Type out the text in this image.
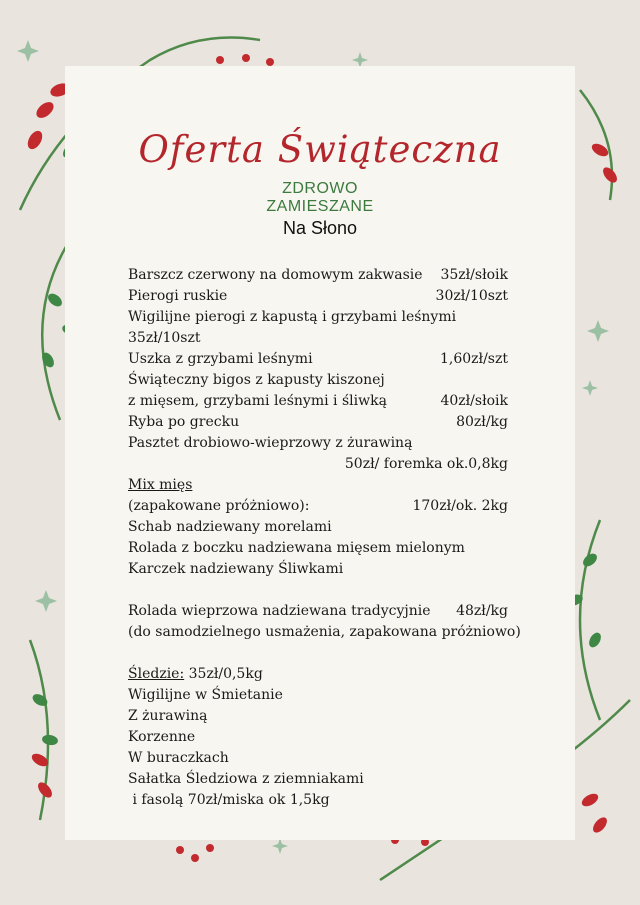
Oferta Świąteczna
ZDROWO
ZAMIESZANE
Na Słono
Barszcz czerwony na domowym zakwasie 35zł/słoik
Pierogi ruskie	30zł/10szt
Wigilijne pierogi z kapustą i grzybami leśnymi
35zł/10szt
Uszka z grzybami leśnymi	1,60zł/szt
Świąteczny bigos z kapusty kiszonej
z mięsem, grzybami leśnymi i śliwką	40zł/słoik
Ryba po grecku	80zł/kg
Pasztet drobiowo-wieprzowy z żurawiną
50zł/ foremka ok.0,8kg
Mix mięs
(zapakowane próżniowo):	170zł/ok. 2kg
Schab nadziewany morelami
Rolada z boczku nadziewana mięsem mielonym
Karczek nadziewany Śliwkami
Rolada wieprzowa nadziewana tradycyjnie 48zł/kg
(do samodzielnego usmażenia, zapakowana próżniowo)
Śledzie: 35zł/0,5kg
Wigilijne w Śmietanie
Z żurawiną
Korzenne
W buraczkach
Sałatka Śledziowa z ziemniakami
i fasolą 70zł/miska ok 1,5kg
